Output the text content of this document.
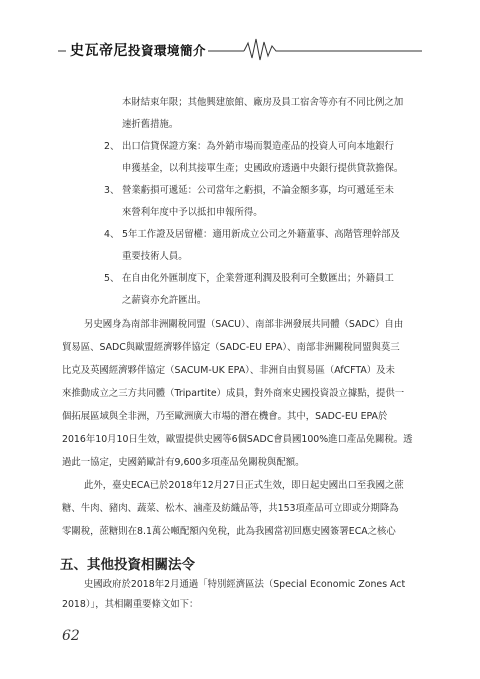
史瓦帝尼投資環境簡介
本財結束年限；其他興建旅館、廠房及員工宿舍等亦有不同比例之加
速折舊措施。
2、 出口信貸保證方案：為外銷市場而製造產品的投資人可向本地銀行
申獲基金，以利其接單生產；史國政府透過中央銀行提供貸款擔保。
3、 營業虧損可遞延：公司當年之虧損，不論金額多寡，均可遞延至未
來營利年度中予以抵扣申報所得。
4、 5年工作證及居留權：適用新成立公司之外籍董事、高階管理幹部及
重要技術人員。
5、 在自由化外匯制度下，企業營運利潤及股利可全數匯出；外籍員工
之薪資亦允許匯出。
另史國身為南部非洲關稅同盟（SACU）、南部非洲發展共同體（SADC）自由
貿易區、SADC與歐盟經濟夥伴協定（SADC-EU EPA）、南部非洲關稅同盟與莫三
比克及英國經濟夥伴協定（SACUM-UK EPA）、非洲自由貿易區（AfCFTA）及未
來推動成立之三方共同體（Tripartite）成員，對外商來史國投資設立據點，提供一
個拓展區域與全非洲，乃至歐洲廣大市場的潛在機會。其中，SADC-EU EPA於
2016年10月10日生效，歐盟提供史國等6個SADC會員國100%進口產品免關稅。透
過此一協定，史國銷歐計有9,600多項產品免關稅與配額。
此外，臺史ECA已於2018年12月27日正式生效，即日起史國出口至我國之蔗
糖、牛肉、豬肉、蔬菜、松木、滷產及紡織品等，共153項產品可立即或分期降為
零關稅，蔗糖則在8.1萬公噸配額內免稅，此為我國當初回應史國簽署ECA之核心
五、其他投資相關法令
史國政府於2018年2月通過「特別經濟區法（Special Economic Zones Act
2018）」，其相關重要條文如下：
62
